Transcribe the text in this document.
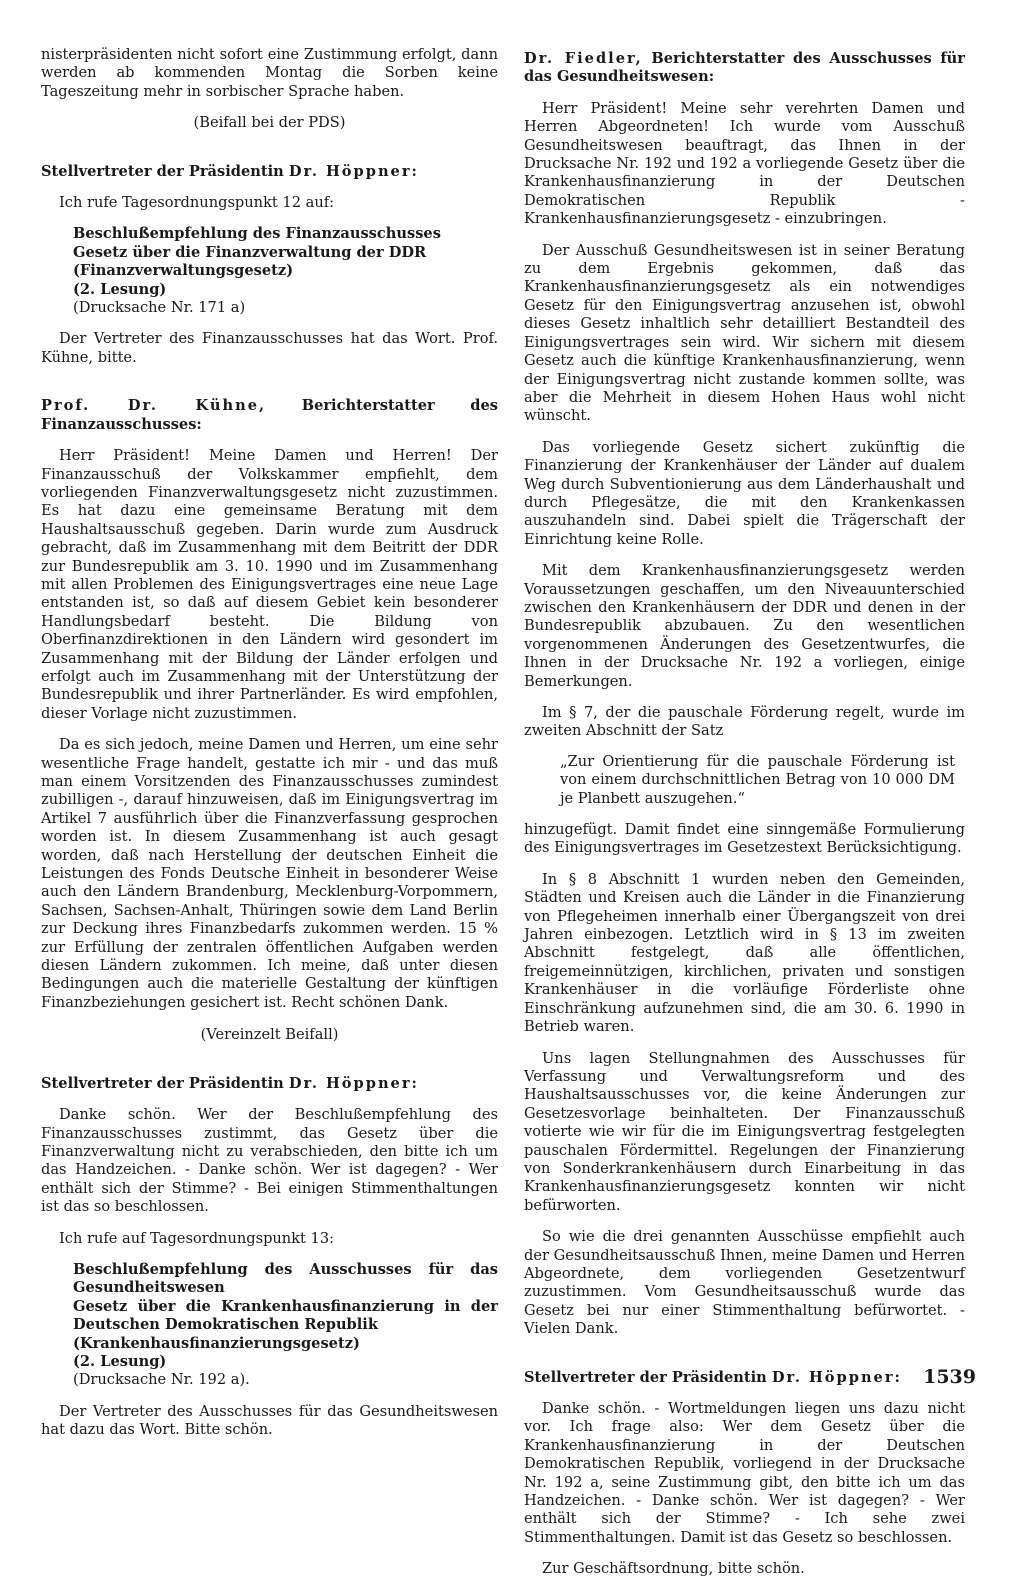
nisterpräsidenten nicht sofort eine Zustimmung erfolgt, dann werden ab kommenden Montag die Sorben keine Tageszeitung mehr in sorbischer Sprache haben.

(Beifall bei der PDS)

Stellvertreter der Präsidentin Dr. Höppner:

Ich rufe Tagesordnungspunkt 12 auf:

Beschlußempfehlung des Finanzausschusses
Gesetz über die Finanzverwaltung der DDR
(Finanzverwaltungsgesetz)
(2. Lesung)
(Drucksache Nr. 171 a)

Der Vertreter des Finanzausschusses hat das Wort. Prof. Kühne, bitte.

Prof. Dr. Kühne, Berichterstatter des Finanzausschusses:

Herr Präsident! Meine Damen und Herren! Der Finanzausschuß der Volkskammer empfiehlt, dem vorliegenden Finanzverwaltungsgesetz nicht zuzustimmen. Es hat dazu eine gemeinsame Beratung mit dem Haushaltsausschuß gegeben. Darin wurde zum Ausdruck gebracht, daß im Zusammenhang mit dem Beitritt der DDR zur Bundesrepublik am 3. 10. 1990 und im Zusammenhang mit allen Problemen des Einigungsvertrages eine neue Lage entstanden ist, so daß auf diesem Gebiet kein besonderer Handlungsbedarf besteht. Die Bildung von Oberfinanzdirektionen in den Ländern wird gesondert im Zusammenhang mit der Bildung der Länder erfolgen und erfolgt auch im Zusammenhang mit der Unterstützung der Bundesrepublik und ihrer Partnerländer. Es wird empfohlen, dieser Vorlage nicht zuzustimmen.

Da es sich jedoch, meine Damen und Herren, um eine sehr wesentliche Frage handelt, gestatte ich mir - und das muß man einem Vorsitzenden des Finanzausschusses zumindest zubilligen -, darauf hinzuweisen, daß im Einigungsvertrag im Artikel 7 ausführlich über die Finanzverfassung gesprochen worden ist. In diesem Zusammenhang ist auch gesagt worden, daß nach Herstellung der deutschen Einheit die Leistungen des Fonds Deutsche Einheit in besonderer Weise auch den Ländern Brandenburg, Mecklenburg-Vorpommern, Sachsen, Sachsen-Anhalt, Thüringen sowie dem Land Berlin zur Deckung ihres Finanzbedarfs zukommen werden. 15 % zur Erfüllung der zentralen öffentlichen Aufgaben werden diesen Ländern zukommen. Ich meine, daß unter diesen Bedingungen auch die materielle Gestaltung der künftigen Finanzbeziehungen gesichert ist. Recht schönen Dank.

(Vereinzelt Beifall)

Stellvertreter der Präsidentin Dr. Höppner:

Danke schön. Wer der Beschlußempfehlung des Finanzausschusses zustimmt, das Gesetz über die Finanzverwaltung nicht zu verabschieden, den bitte ich um das Handzeichen. - Danke schön. Wer ist dagegen? - Wer enthält sich der Stimme? - Bei einigen Stimmenthaltungen ist das so beschlossen.

Ich rufe auf Tagesordnungspunkt 13:

Beschlußempfehlung des Ausschusses für das Gesundheitswesen
Gesetz über die Krankenhausfinanzierung in der Deutschen Demokratischen Republik
(Krankenhausfinanzierungsgesetz)
(2. Lesung)
(Drucksache Nr. 192 a).

Der Vertreter des Ausschusses für das Gesundheitswesen hat dazu das Wort. Bitte schön.

Dr. Fiedler, Berichterstatter des Ausschusses für das Gesundheitswesen:

Herr Präsident! Meine sehr verehrten Damen und Herren Abgeordneten! Ich wurde vom Ausschuß Gesundheitswesen beauftragt, das Ihnen in der Drucksache Nr. 192 und 192 a vorliegende Gesetz über die Krankenhausfinanzierung in der Deutschen Demokratischen Republik - Krankenhausfinanzierungsgesetz - einzubringen.

Der Ausschuß Gesundheitswesen ist in seiner Beratung zu dem Ergebnis gekommen, daß das Krankenhausfinanzierungsgesetz als ein notwendiges Gesetz für den Einigungsvertrag anzusehen ist, obwohl dieses Gesetz inhaltlich sehr detailliert Bestandteil des Einigungsvertrages sein wird. Wir sichern mit diesem Gesetz auch die künftige Krankenhausfinanzierung, wenn der Einigungsvertrag nicht zustande kommen sollte, was aber die Mehrheit in diesem Hohen Haus wohl nicht wünscht.

Das vorliegende Gesetz sichert zukünftig die Finanzierung der Krankenhäuser der Länder auf dualem Weg durch Subventionierung aus dem Länderhaushalt und durch Pflegesätze, die mit den Krankenkassen auszuhandeln sind. Dabei spielt die Trägerschaft der Einrichtung keine Rolle.

Mit dem Krankenhausfinanzierungsgesetz werden Voraussetzungen geschaffen, um den Niveauunterschied zwischen den Krankenhäusern der DDR und denen in der Bundesrepublik abzubauen. Zu den wesentlichen vorgenommenen Änderungen des Gesetzentwurfes, die Ihnen in der Drucksache Nr. 192 a vorliegen, einige Bemerkungen.

Im § 7, der die pauschale Förderung regelt, wurde im zweiten Abschnitt der Satz

„Zur Orientierung für die pauschale Förderung ist von einem durchschnittlichen Betrag von 10 000 DM je Planbett auszugehen.“

hinzugefügt. Damit findet eine sinngemäße Formulierung des Einigungsvertrages im Gesetzestext Berücksichtigung.

In § 8 Abschnitt 1 wurden neben den Gemeinden, Städten und Kreisen auch die Länder in die Finanzierung von Pflegeheimen innerhalb einer Übergangszeit von drei Jahren einbezogen. Letztlich wird in § 13 im zweiten Abschnitt festgelegt, daß alle öffentlichen, freigemeinnützigen, kirchlichen, privaten und sonstigen Krankenhäuser in die vorläufige Förderliste ohne Einschränkung aufzunehmen sind, die am 30. 6. 1990 in Betrieb waren.

Uns lagen Stellungnahmen des Ausschusses für Verfassung und Verwaltungsreform und des Haushaltsausschusses vor, die keine Änderungen zur Gesetzesvorlage beinhalteten. Der Finanzausschuß votierte wie wir für die im Einigungsvertrag festgelegten pauschalen Fördermittel. Regelungen der Finanzierung von Sonderkrankenhäusern durch Einarbeitung in das Krankenhausfinanzierungsgesetz konnten wir nicht befürworten.

So wie die drei genannten Ausschüsse empfiehlt auch der Gesundheitsausschuß Ihnen, meine Damen und Herren Abgeordnete, dem vorliegenden Gesetzentwurf zuzustimmen. Vom Gesundheitsausschuß wurde das Gesetz bei nur einer Stimmenthaltung befürwortet. - Vielen Dank.

Stellvertreter der Präsidentin Dr. Höppner:

Danke schön. - Wortmeldungen liegen uns dazu nicht vor. Ich frage also: Wer dem Gesetz über die Krankenhausfinanzierung in der Deutschen Demokratischen Republik, vorliegend in der Drucksache Nr. 192 a, seine Zustimmung gibt, den bitte ich um das Handzeichen. - Danke schön. Wer ist dagegen? - Wer enthält sich der Stimme? - Ich sehe zwei Stimmenthaltungen. Damit ist das Gesetz so beschlossen.

Zur Geschäftsordnung, bitte schön.

1539
